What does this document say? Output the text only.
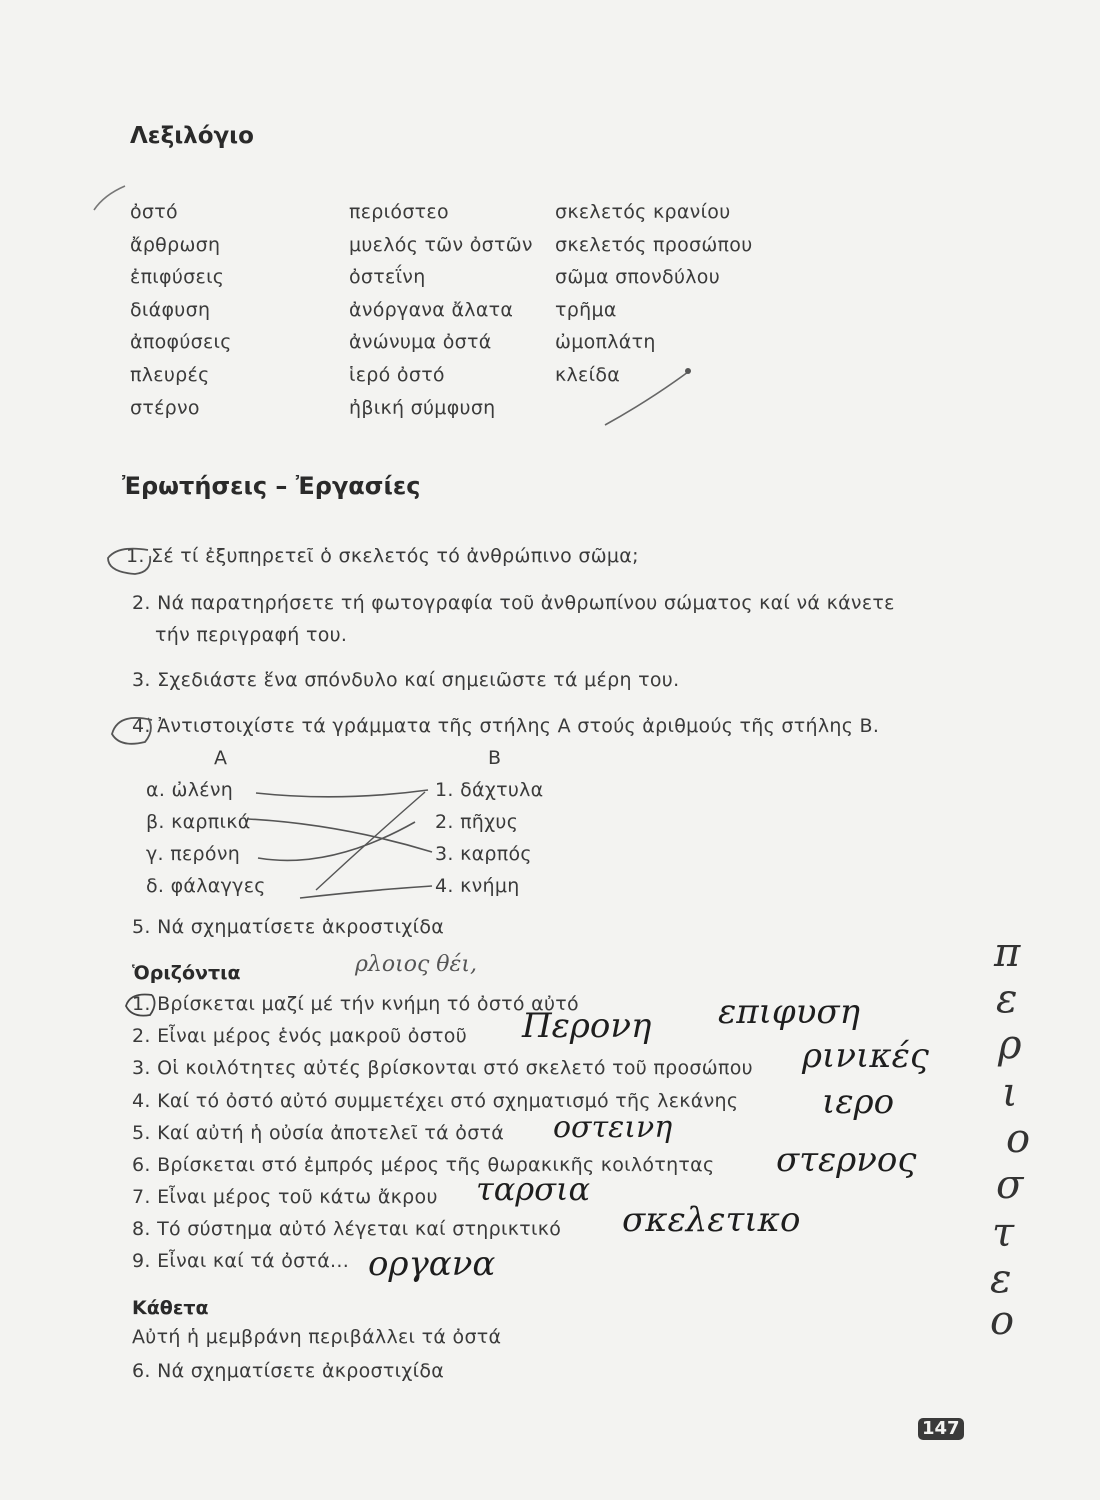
Λεξιλόγιο
ὀστό
ἄρθρωση
ἐπιφύσεις
διάφυση
ἀποφύσεις
πλευρές
στέρνο
περιόστεο
μυελός τῶν ὀστῶν
ὀστεΐνη
ἀνόργανα ἄλατα
ἀνώνυμα ὀστά
ἱερό ὀστό
ἠβική σύμφυση
σκελετός κρανίου
σκελετός προσώπου
σῶμα σπονδύλου
τρῆμα
ὠμοπλάτη
κλείδα
Ἐρωτήσεις – Ἐργασίες
1. Σέ τί ἐξυπηρετεῖ ὁ σκελετός τό ἀνθρώπινο σῶμα;
2. Νά παρατηρήσετε τή φωτογραφία τοῦ ἀνθρωπίνου σώματος καί νά κάνετε
τήν περιγραφή του.
3. Σχεδιάστε ἕνα σπόνδυλο καί σημειῶστε τά μέρη του.
4. Ἀντιστοιχίστε τά γράμματα τῆς στήλης Α στούς ἀριθμούς τῆς στήλης Β.
Α	Β
α. ὠλένη
β. καρπικά
γ. περόνη
δ. φάλαγγες
1. δάχτυλα
2. πῆχυς
3. καρπός
4. κνήμη
5. Νά σχηματίσετε ἀκροστιχίδα
Ὁριζόντια
1. Βρίσκεται μαζί μέ τήν κνήμη τό ὀστό αὐτό
2. Εἶναι μέρος ἑνός μακροῦ ὀστοῦ
3. Οἱ κοιλότητες αὐτές βρίσκονται στό σκελετό τοῦ προσώπου
4. Καί τό ὀστό αὐτό συμμετέχει στό σχηματισμό τῆς λεκάνης
5. Καί αὐτή ἡ οὐσία ἀποτελεῖ τά ὀστά
6. Βρίσκεται στό ἐμπρός μέρος τῆς θωρακικῆς κοιλότητας
7. Εἶναι μέρος τοῦ κάτω ἄκρου
8. Τό σύστημα αὐτό λέγεται καί στηρικτικό
9. Εἶναι καί τά ὀστά...
Κάθετα
Αὐτή ἡ μεμβράνη περιβάλλει τά ὀστά
6. Νά σχηματίσετε ἀκροστιχίδα
ρλοιος θέι,
Περονη επιφυση
ρινικές
ιερο
οστεινη
στερνος
ταρσια
σκελετικο
οργανα
π
ε
ρ
ι
ο
σ
τ
ε
ο
147
